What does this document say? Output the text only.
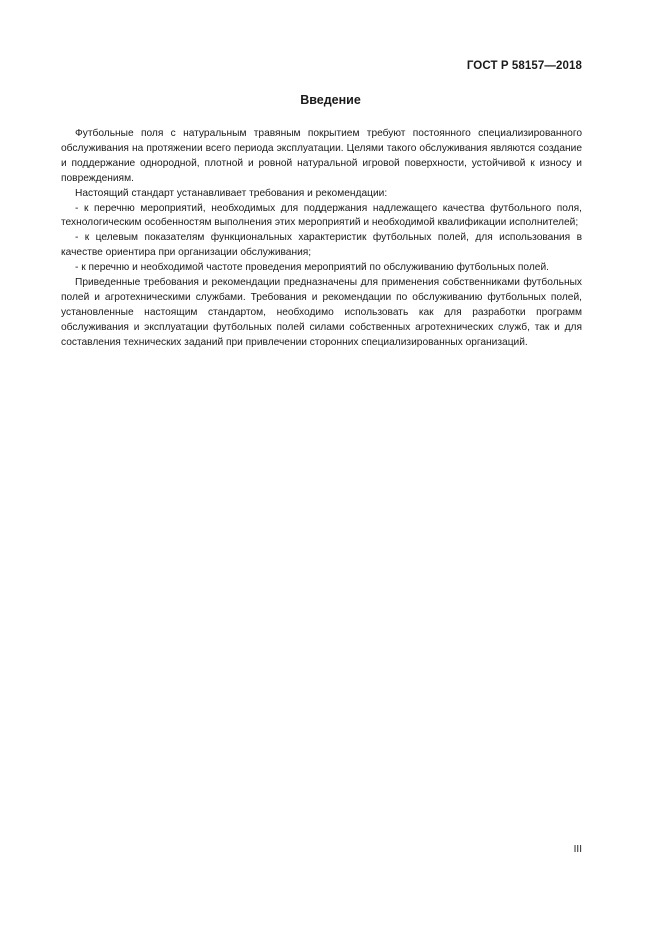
ГОСТ Р 58157—2018
Введение

Футбольные поля с натуральным травяным покрытием требуют постоянного специализированного обслуживания на протяжении всего периода эксплуатации. Целями такого обслуживания являются создание и поддержание однородной, плотной и ровной натуральной игровой поверхности, устойчивой к износу и повреждениям.

Настоящий стандарт устанавливает требования и рекомендации:

- к перечню мероприятий, необходимых для поддержания надлежащего качества футбольного поля, технологическим особенностям выполнения этих мероприятий и необходимой квалификации исполнителей;

- к целевым показателям функциональных характеристик футбольных полей, для использования в качестве ориентира при организации обслуживания;

- к перечню и необходимой частоте проведения мероприятий по обслуживанию футбольных полей.

Приведенные требования и рекомендации предназначены для применения собственниками футбольных полей и агротехническими службами. Требования и рекомендации по обслуживанию футбольных полей, установленные настоящим стандартом, необходимо использовать как для разработки программ обслуживания и эксплуатации футбольных полей силами собственных агротехнических служб, так и для составления технических заданий при привлечении сторонних специализированных организаций.

III
